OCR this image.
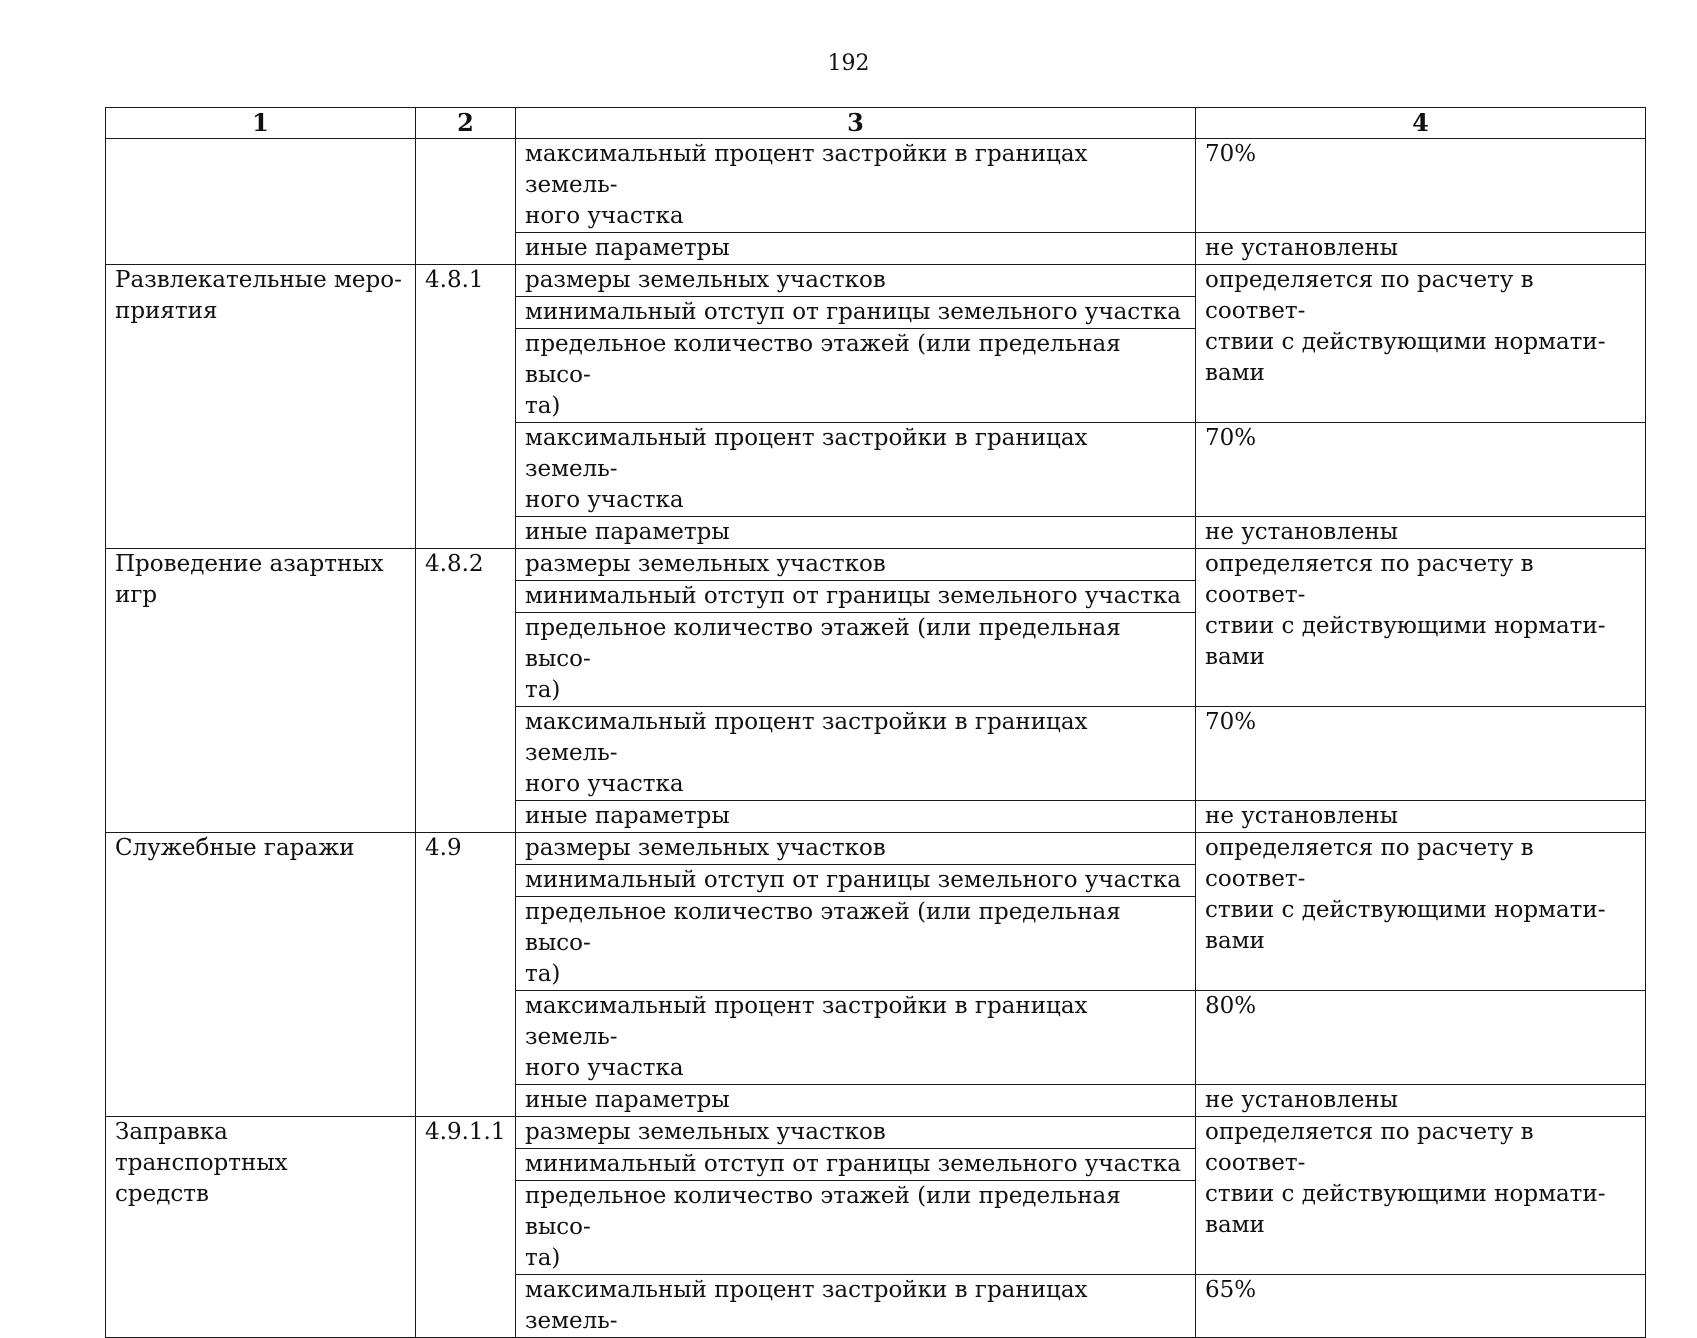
192
1	2	3	4
		максимальный процент застройки в границах земель-
ного участка	70%
		иные параметры	не установлены
Развлекательные меро-
приятия	4.8.1	размеры земельных участков	определяется по расчету в соответ-
ствии с действующими нормати-
вами
		минимальный отступ от границы земельного участка	
		предельное количество этажей (или предельная высо-
та)	
		максимальный процент застройки в границах земель-
ного участка	70%
		иные параметры	не установлены
Проведение азартных
игр	4.8.2	размеры земельных участков	определяется по расчету в соответ-
ствии с действующими нормати-
вами
		минимальный отступ от границы земельного участка	
		предельное количество этажей (или предельная высо-
та)	
		максимальный процент застройки в границах земель-
ного участка	70%
		иные параметры	не установлены
Служебные гаражи	4.9	размеры земельных участков	определяется по расчету в соответ-
ствии с действующими нормати-
вами
		минимальный отступ от границы земельного участка	
		предельное количество этажей (или предельная высо-
та)	
		максимальный процент застройки в границах земель-
ного участка	80%
		иные параметры	не установлены
Заправка транспортных
средств	4.9.1.1	размеры земельных участков	определяется по расчету в соответ-
ствии с действующими нормати-
вами
		минимальный отступ от границы земельного участка	
		предельное количество этажей (или предельная высо-
та)	
		максимальный процент застройки в границах земель-	65%
